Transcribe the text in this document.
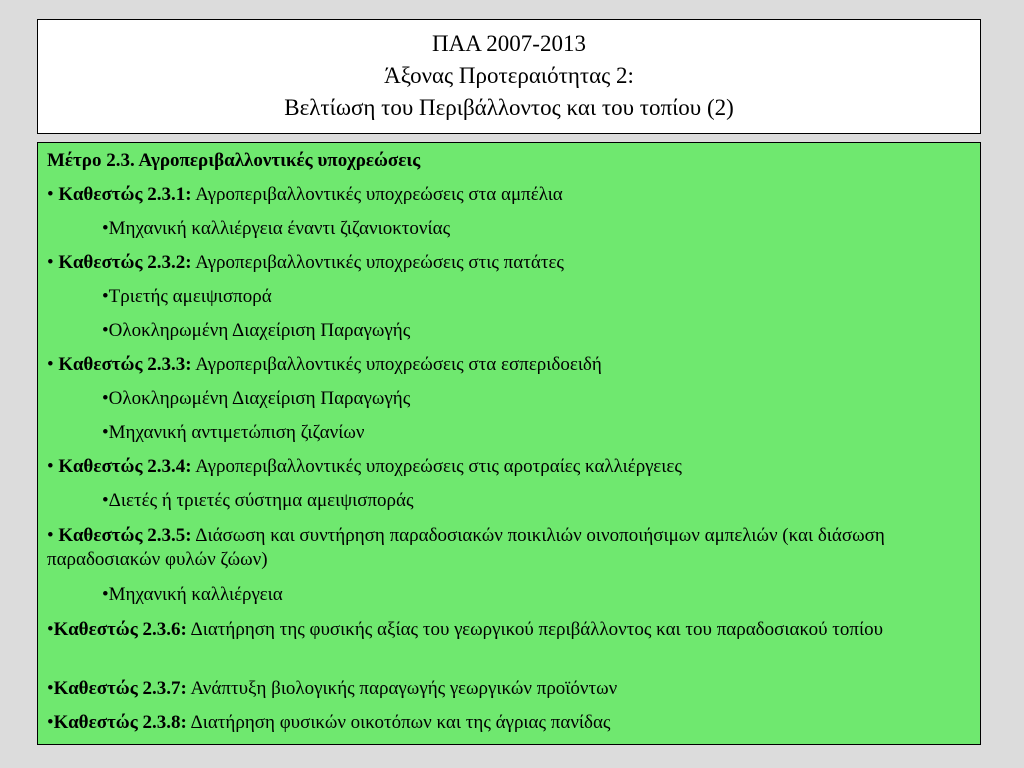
ΠΑΑ 2007-2013
Άξονας Προτεραιότητας 2:
Βελτίωση του Περιβάλλοντος και του τοπίου (2)
Μέτρο 2.3. Αγροπεριβαλλοντικές υποχρεώσεις
• Καθεστώς 2.3.1: Αγροπεριβαλλοντικές υποχρεώσεις στα αμπέλια
•Μηχανική καλλιέργεια έναντι ζιζανιοκτονίας
• Καθεστώς 2.3.2: Αγροπεριβαλλοντικές υποχρεώσεις στις πατάτες
•Τριετής αμειψισπορά
•Ολοκληρωμένη Διαχείριση Παραγωγής
• Καθεστώς 2.3.3: Αγροπεριβαλλοντικές υποχρεώσεις στα εσπεριδοειδή
•Ολοκληρωμένη Διαχείριση Παραγωγής
•Μηχανική αντιμετώπιση ζιζανίων
• Καθεστώς 2.3.4: Αγροπεριβαλλοντικές υποχρεώσεις στις αροτραίες καλλιέργειες
•Διετές ή τριετές σύστημα αμειψισποράς
• Καθεστώς 2.3.5: Διάσωση και συντήρηση παραδοσιακών ποικιλιών οινοποιήσιμων αμπελιών (και διάσωση παραδοσιακών φυλών ζώων)
•Μηχανική καλλιέργεια
•Καθεστώς 2.3.6: Διατήρηση της φυσικής αξίας του γεωργικού περιβάλλοντος και του παραδοσιακού τοπίου
•Καθεστώς 2.3.7: Ανάπτυξη βιολογικής παραγωγής γεωργικών προϊόντων
•Καθεστώς 2.3.8: Διατήρηση φυσικών οικοτόπων και της άγριας πανίδας
